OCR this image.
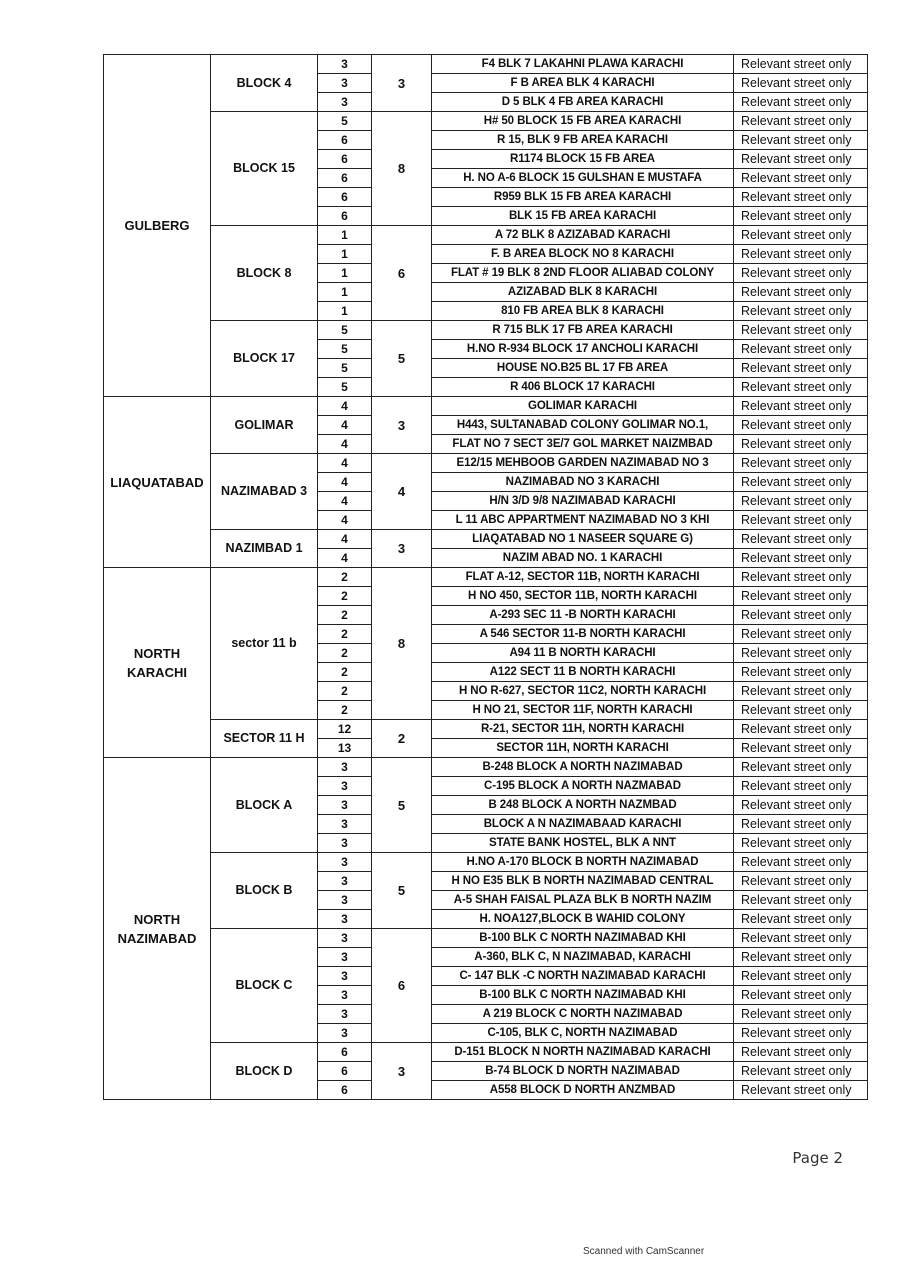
GULBERG	BLOCK 4	3	3	F4 BLK 7 LAKAHNI PLAWA KARACHI	Relevant street only
		3		F B AREA BLK 4 KARACHI	Relevant street only
		3		D 5 BLK 4 FB AREA KARACHI	Relevant street only
	BLOCK 15	5	8	H# 50 BLOCK 15 FB AREA KARACHI	Relevant street only
		6		R 15, BLK 9 FB AREA KARACHI	Relevant street only
		6		R1174 BLOCK 15 FB AREA	Relevant street only
		6		H. NO A-6 BLOCK 15 GULSHAN E MUSTAFA	Relevant street only
		6		R959 BLK 15 FB AREA KARACHI	Relevant street only
		6		BLK 15 FB AREA KARACHI	Relevant street only
	BLOCK 8	1	6	A 72 BLK 8 AZIZABAD KARACHI	Relevant street only
		1		F. B AREA BLOCK NO 8 KARACHI	Relevant street only
		1		FLAT # 19 BLK 8 2ND FLOOR ALIABAD COLONY	Relevant street only
		1		AZIZABAD BLK 8 KARACHI	Relevant street only
		1		810 FB AREA BLK 8 KARACHI	Relevant street only
	BLOCK 17	5	5	R 715 BLK 17 FB AREA KARACHI	Relevant street only
		5		H.NO R-934 BLOCK 17 ANCHOLI KARACHI	Relevant street only
		5		HOUSE NO.B25 BL 17 FB AREA	Relevant street only
		5		R 406 BLOCK 17 KARACHI	Relevant street only
LIAQUATABAD	GOLIMAR	4	3	GOLIMAR KARACHI	Relevant street only
		4		H443, SULTANABAD COLONY GOLIMAR NO.1,	Relevant street only
		4		FLAT NO 7 SECT 3E/7 GOL MARKET NAIZMBAD	Relevant street only
	NAZIMABAD 3	4	4	E12/15 MEHBOOB GARDEN NAZIMABAD NO 3	Relevant street only
		4		NAZIMABAD NO 3 KARACHI	Relevant street only
		4		H/N 3/D 9/8 NAZIMABAD KARACHI	Relevant street only
		4		L 11 ABC APPARTMENT NAZIMABAD NO 3 KHI	Relevant street only
	NAZIMBAD 1	4	3	LIAQATABAD NO 1 NASEER SQUARE G)	Relevant street only
		4		NAZIM ABAD NO. 1 KARACHI	Relevant street only
NORTH KARACHI	sector 11 b	2	8	FLAT A-12, SECTOR 11B, NORTH KARACHI	Relevant street only
		2		H NO 450, SECTOR 11B, NORTH KARACHI	Relevant street only
		2		A-293 SEC 11 -B NORTH KARACHI	Relevant street only
		2		A 546 SECTOR 11-B NORTH KARACHI	Relevant street only
		2		A94 11 B NORTH KARACHI	Relevant street only
		2		A122 SECT 11 B NORTH KARACHI	Relevant street only
		2		H NO R-627, SECTOR 11C2, NORTH KARACHI	Relevant street only
		2		H NO 21, SECTOR 11F, NORTH KARACHI	Relevant street only
	SECTOR 11 H	12	2	R-21, SECTOR 11H, NORTH KARACHI	Relevant street only
		13		SECTOR 11H, NORTH KARACHI	Relevant street only
NORTH NAZIMABAD	BLOCK A	3	5	B-248 BLOCK A NORTH NAZIMABAD	Relevant street only
		3		C-195 BLOCK A NORTH NAZMABAD	Relevant street only
		3		B 248 BLOCK A NORTH NAZMBAD	Relevant street only
		3		BLOCK A N NAZIMABAAD KARACHI	Relevant street only
		3		STATE BANK HOSTEL, BLK A NNT	Relevant street only
	BLOCK B	3	5	H.NO A-170 BLOCK B NORTH NAZIMABAD	Relevant street only
		3		H NO E35 BLK B NORTH NAZIMABAD CENTRAL	Relevant street only
		3		A-5 SHAH FAISAL PLAZA BLK B NORTH NAZIM	Relevant street only
		3		H. NOA127,BLOCK B WAHID COLONY	Relevant street only
	BLOCK C	3	6	B-100 BLK C NORTH NAZIMABAD KHI	Relevant street only
		3		A-360, BLK C, N NAZIMABAD, KARACHI	Relevant street only
		3		C- 147 BLK -C NORTH NAZIMABAD KARACHI	Relevant street only
		3		B-100 BLK C NORTH NAZIMABAD KHI	Relevant street only
		3		A 219 BLOCK C NORTH NAZIMABAD	Relevant street only
		3		C-105, BLK C, NORTH NAZIMABAD	Relevant street only
	BLOCK D	6	3	D-151 BLOCK N NORTH NAZIMABAD KARACHI	Relevant street only
		6		B-74 BLOCK D NORTH NAZIMABAD	Relevant street only
		6		A558 BLOCK D NORTH ANZMBAD	Relevant street only
Page 2
Scanned with CamScanner
